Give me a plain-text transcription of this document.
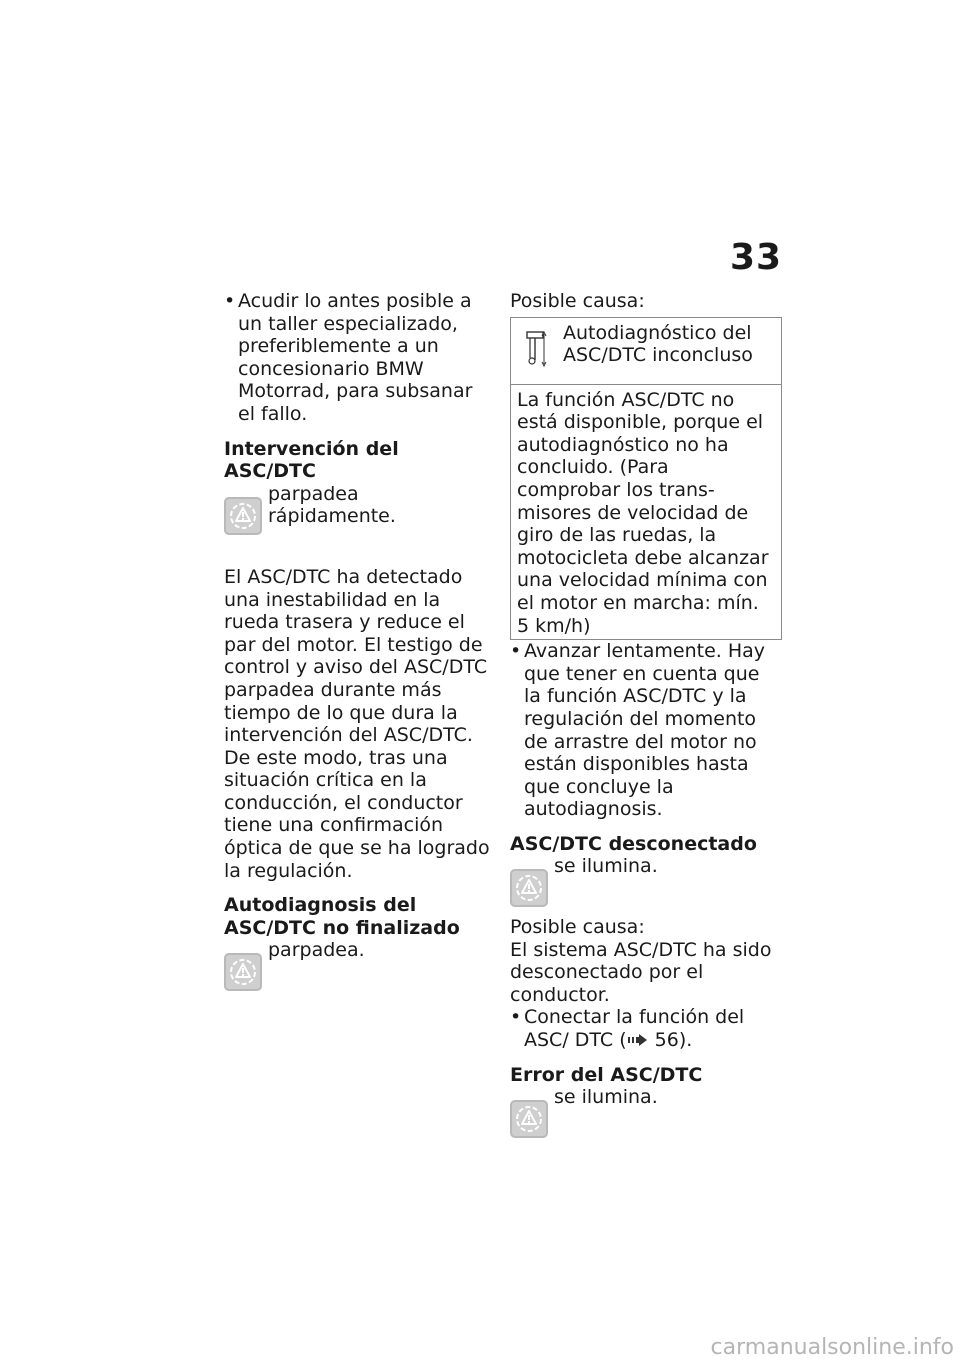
33
• Acudir lo antes posible a un taller especializado, preferiblemente a un concesionario BMW Motorrad, para subsanar el fallo.
Intervención del ASC/DTC
parpadea rápidamente.
El ASC/DTC ha detectado una inestabilidad en la rueda trasera y reduce el par del motor. El testigo de control y aviso del ASC/DTC parpadea durante más tiempo de lo que dura la intervención del ASC/DTC. De este modo, tras una situación crítica en la conducción, el conductor tiene una confirmación óptica de que se ha logrado la regulación.
Autodiagnosis del ASC/DTC no finalizado
parpadea.
Posible causa:
Autodiagnóstico del ASC/DTC inconcluso
La función ASC/DTC no está disponible, porque el autodiagnóstico no ha concluido. (Para comprobar los transmisores de velocidad de giro de las ruedas, la motocicleta debe alcanzar una velocidad mínima con el motor en marcha: mín. 5 km/h)
• Avanzar lentamente. Hay que tener en cuenta que la función ASC/DTC y la regulación del momento de arrastre del motor no están disponibles hasta que concluye la autodiagnosis.
ASC/DTC desconectado
se ilumina.
Posible causa:
El sistema ASC/DTC ha sido desconectado por el conductor.
• Conectar la función del ASC/ DTC ( 56).
Error del ASC/DTC
se ilumina.
carmanualsonline.info
